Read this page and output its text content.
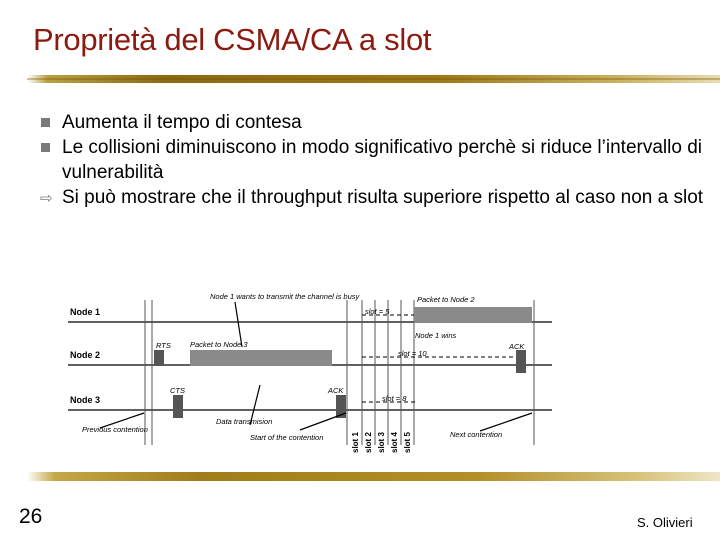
Proprietà del CSMA/CA a slot
Aumenta il tempo di contesa
Le collisioni diminuiscono in modo significativo perchè si riduce l’intervallo di vulnerabilità
⇨ Si può mostrare che il throughput risulta superiore rispetto al caso non a slot
Node 1
Node 2
Node 3
Node 1 wants to transmit the channel is busy	Packet to Node 2
slot = 5
Node 1 wins
RTS	Packet to Node 3
slot = 10
ACK
CTS	ACK
slot = 8
Previous contention
Data transmision
Start of the contention	Next contention
slot 1 slot 2 slot 3 slot 4 slot 5
26	S. Olivieri
